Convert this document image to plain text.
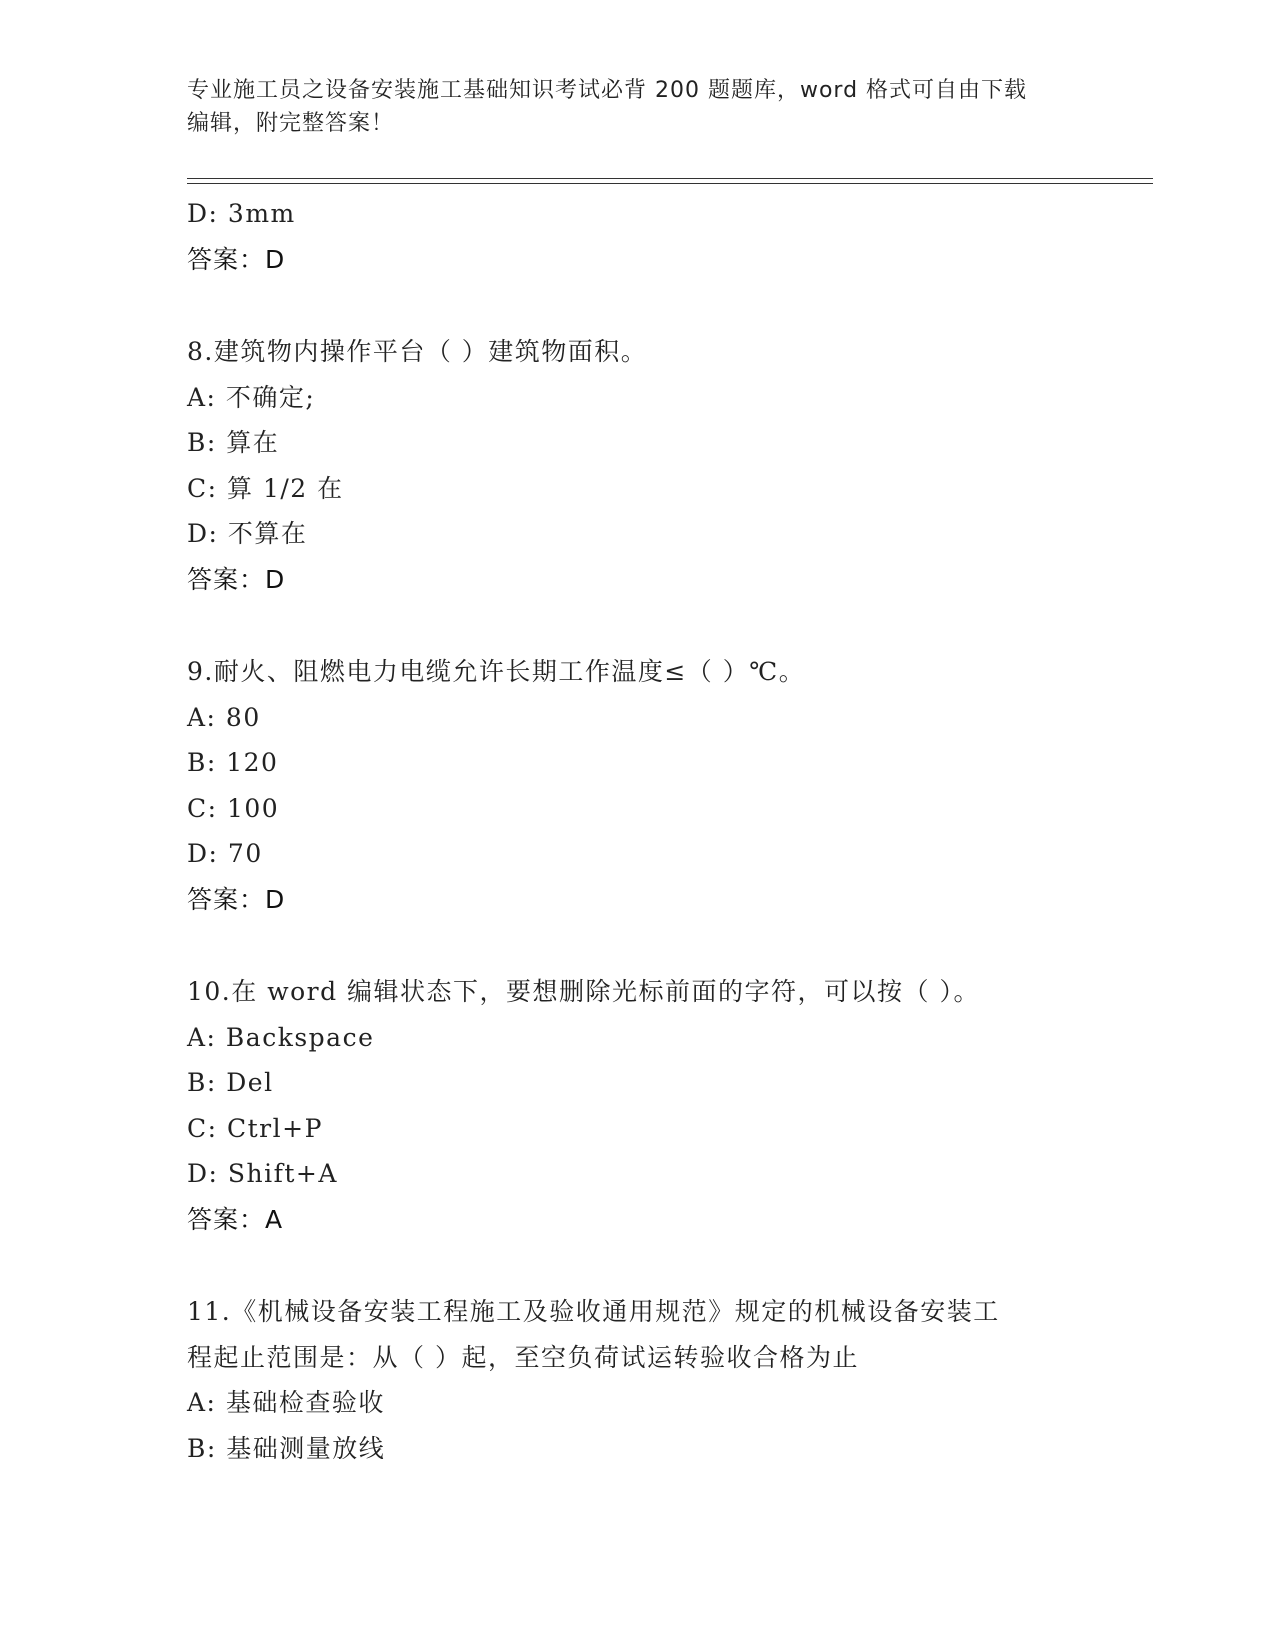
专业施工员之设备安装施工基础知识考试必背 200 题题库，word 格式可自由下载
编辑，附完整答案！
D: 3mm
答案：D
8.建筑物内操作平台（ ）建筑物面积。
A: 不确定;
B: 算在
C: 算 1/2 在
D: 不算在
答案：D
9.耐火、阻燃电力电缆允许长期工作温度≤（ ）℃。
A: 80
B: 120
C: 100
D: 70
答案：D
10.在 word 编辑状态下，要想删除光标前面的字符，可以按（ ）。
A: Backspace
B: Del
C: Ctrl+P
D: Shift+A
答案：A
11.《机械设备安装工程施工及验收通用规范》规定的机械设备安装工
程起止范围是：从（ ）起，至空负荷试运转验收合格为止
A: 基础检查验收
B: 基础测量放线
